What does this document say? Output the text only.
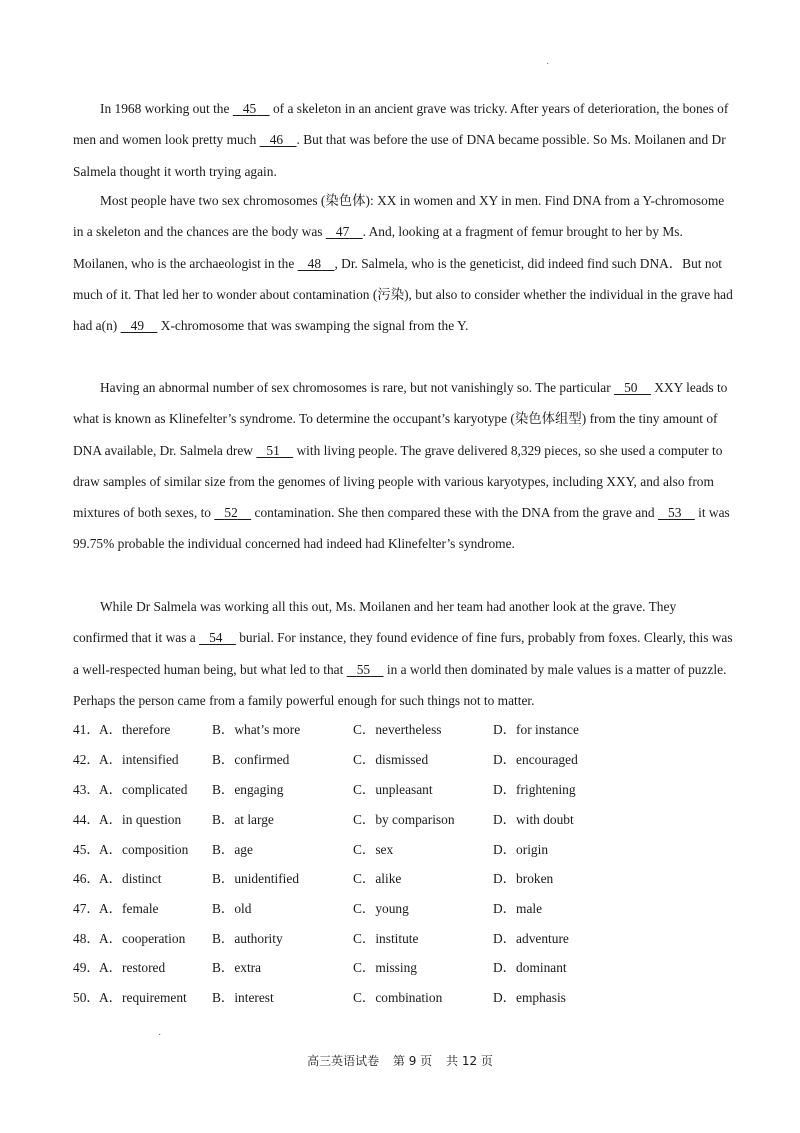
˙

In 1968 working out the    45     of a skeleton in an ancient grave was tricky. After years of deterioration, the bones of men and women look pretty much    46 . But that was before the use of DNA became possible. So Ms. Moilanen and Dr Salmela thought it worth trying again.

Most people have two sex chromosomes (染色体): XX in women and XY in men. Find DNA from a Y-chromosome in a skeleton and the chances are the body was    47 . And, looking at a fragment of femur brought to her by Ms. Moilanen, who is the archaeologist in the    48 , Dr. Salmela, who is the geneticist, did indeed find such DNA．But not much of it. That led her to wonder about contamination (污染), but also to consider whether the individual in the grave had had a(n)    49     X-chromosome that was swamping the signal from the Y.

Having an abnormal number of sex chromosomes is rare, but not vanishingly so. The particular    50     XXY leads to what is known as Klinefelter’s syndrome. To determine the occupant’s karyotype (染色体组型) from the tiny amount of DNA available, Dr. Salmela drew    51     with living people. The grave delivered 8,329 pieces, so she used a computer to draw samples of similar size from the genomes of living people with various karyotypes, including XXY, and also from mixtures of both sexes, to    52     contamination. She then compared these with the DNA from the grave and    53     it was 99.75% probable the individual concerned had indeed had Klinefelter’s syndrome.

While Dr Salmela was working all this out, Ms. Moilanen and her team had another look at the grave. They confirmed that it was a    54     burial. For instance, they found evidence of fine furs, probably from foxes. Clearly, this was a well-respected human being, but what led to that    55     in a world then dominated by male values is a matter of puzzle. Perhaps the person came from a family powerful enough for such things not to matter.

41． A．therefore	B．what’s more	C．nevertheless	D．for instance
42． A．intensified B．confirmed	C．dismissed	D．encouraged
43． A．complicated B．engaging	C．unpleasant	D．frightening
44． A．in question B．at large	C．by comparison	D．with doubt
45． A．composition B．age	C．sex	D．origin
46． A．distinct	B．unidentified	C．alike	D．broken
47． A．female	B．old	C．young	D．male
48． A．cooperation B．authority	C．institute	D．adventure
49． A．restored	B．extra	C．missing	D．dominant
50． A．requirement B．interest	C．combination	D．emphasis
·
高三英语试卷 第 9 页 共 12 页
